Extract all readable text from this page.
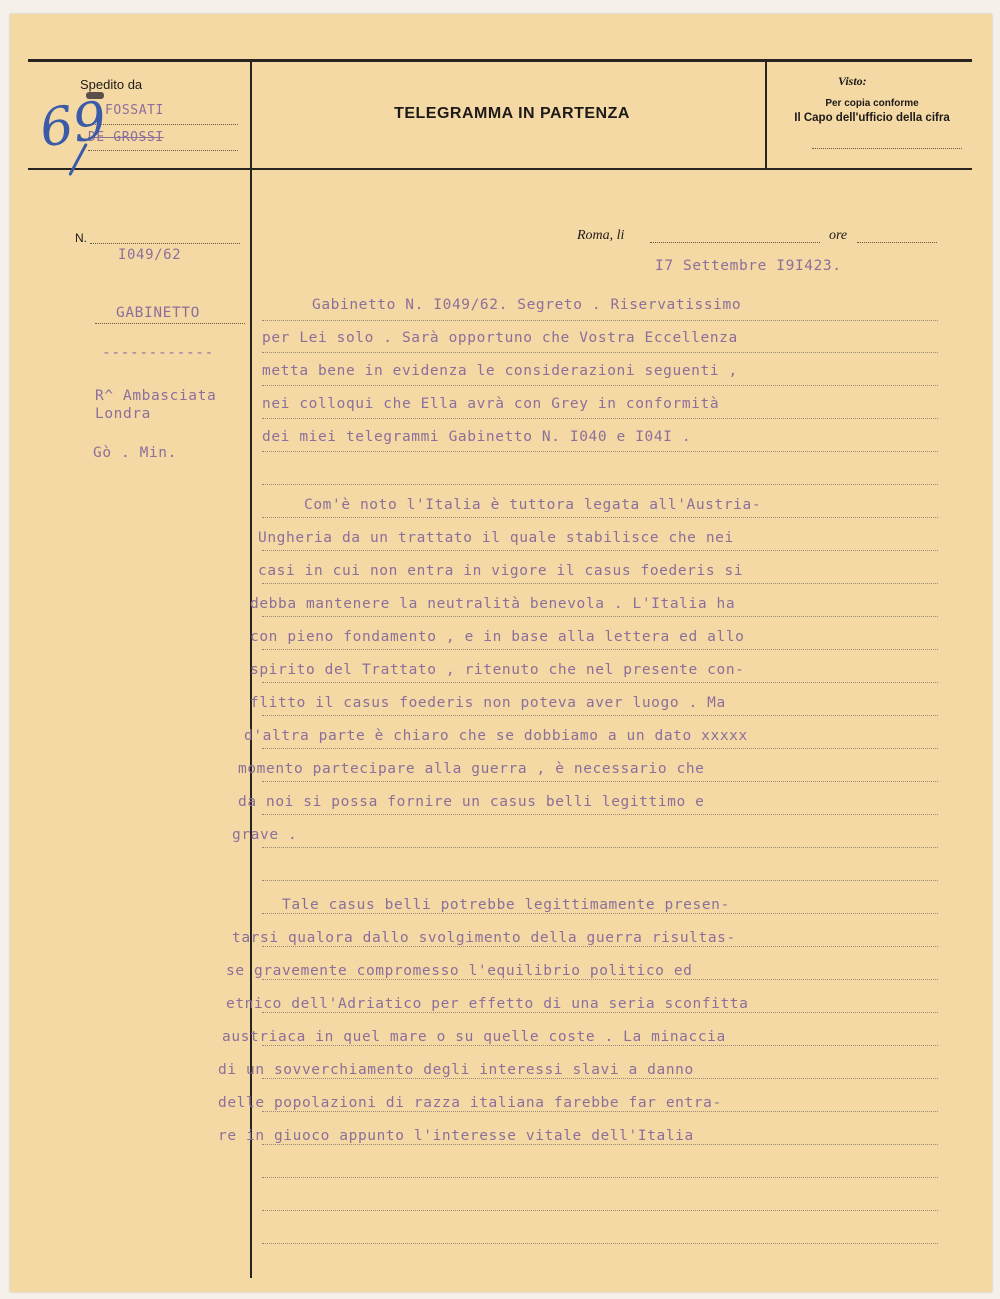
Spedito da
FOSSATI
DE GROSSI
69	TELEGRAMMA IN PARTENZA
Visto:
Per copia conforme
Il Capo dell'ufficio della cifra
N.
I049/62
Roma, li	ore
I7 Settembre I9I423.
GABINETTO
------------
R^ Ambasciata
Londra
Gò . Min.
Gabinetto N. I049/62. Segreto . Riservatissimo
per Lei solo . Sarà opportuno che Vostra Eccellenza
metta bene in evidenza le considerazioni seguenti ,
nei colloqui che Ella avrà con Grey in conformità
dei miei telegrammi Gabinetto N. I040 e I04I .
Com'è noto l'Italia è tuttora legata all'Austria-
Ungheria da un trattato il quale stabilisce che nei
casi in cui non entra in vigore il casus foederis si
debba mantenere la neutralità benevola . L'Italia ha
con pieno fondamento , e in base alla lettera ed allo
spirito del Trattato , ritenuto che nel presente con-
flitto il casus foederis non poteva aver luogo . Ma
d'altra parte è chiaro che se dobbiamo a un dato xxxxx
momento partecipare alla guerra , è necessario che
da noi si possa fornire un casus belli legittimo e
grave .
Tale casus belli potrebbe legittimamente presen-
tarsi qualora dallo svolgimento della guerra risultas-
se gravemente compromesso l'equilibrio politico ed
etnico dell'Adriatico per effetto di una seria sconfitta
austriaca in quel mare o su quelle coste . La minaccia
di un sovverchiamento degli interessi slavi a danno
delle popolazioni di razza italiana farebbe far entra-
re in giuoco appunto l'interesse vitale dell'Italia
